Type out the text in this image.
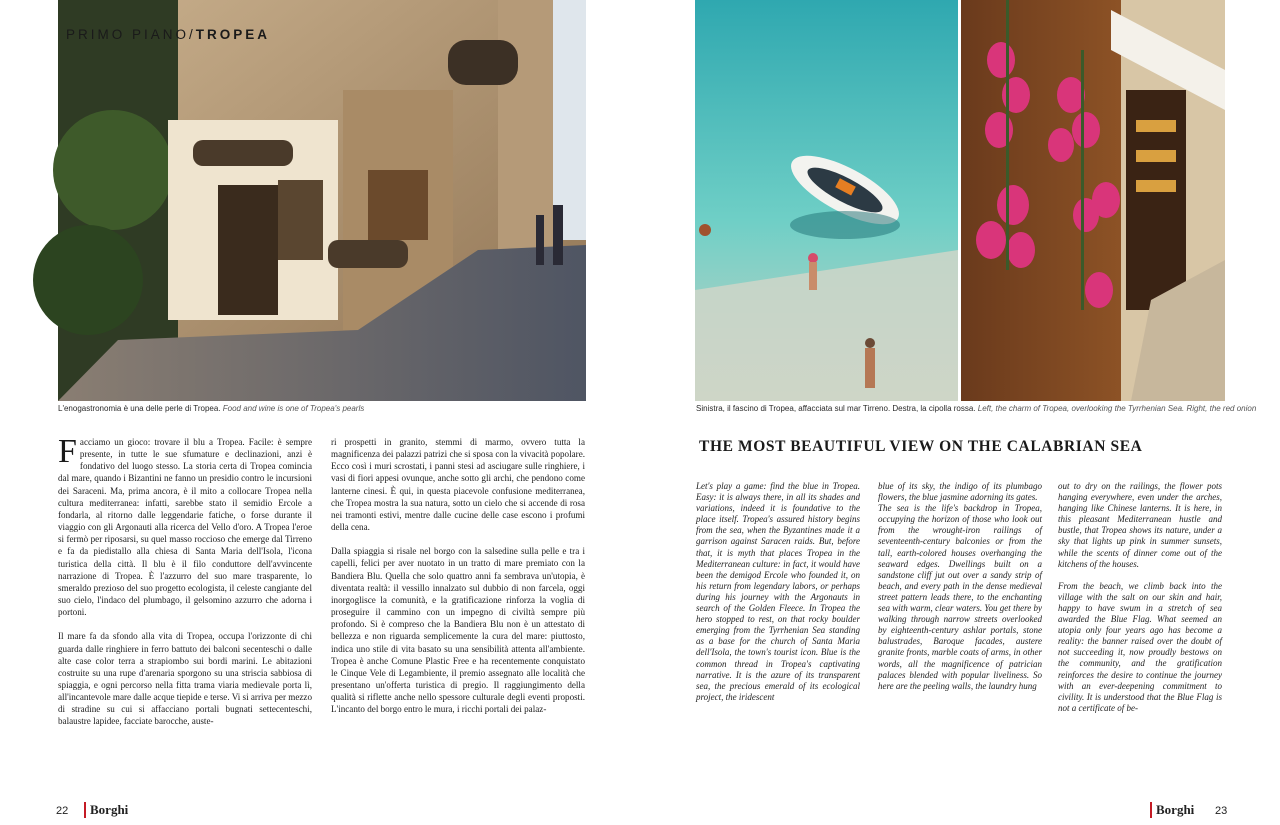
PRIMO PIANO/TROPEA
L'enogastronomia è una delle perle di Tropea. Food and wine is one of Tropea's pearls

Facciamo un gioco: trovare il blu a Tropea. Facile: è sempre presente, in tutte le sue sfumature e declinazioni, anzi è fondativo del luogo stesso. La storia certa di Tropea comincia dal mare, quando i Bizantini ne fanno un presidio contro le incursioni dei Saraceni. Ma, prima ancora, è il mito a collocare Tropea nella cultura mediterranea: infatti, sarebbe stato il semidio Ercole a fondarla, al ritorno dalle leggendarie fatiche, o forse durante il viaggio con gli Argonauti alla ricerca del Vello d'oro. A Tropea l'eroe si fermò per riposarsi, su quel masso roccioso che emerge dal Tirreno e fa da piedistallo alla chiesa di Santa Maria dell'Isola, l'icona turistica della città. Il blu è il filo conduttore dell'avvincente narrazione di Tropea. È l'azzurro del suo mare trasparente, lo smeraldo prezioso del suo progetto ecologista, il celeste cangiante del suo cielo, l'indaco del plumbago, il gelsomino azzurro che adorna i portoni.

Il mare fa da sfondo alla vita di Tropea, occupa l'orizzonte di chi guarda dalle ringhiere in ferro battuto dei balconi secenteschi o dalle alte case color terra a strapiombo sui bordi marini. Le abitazioni costruite su una rupe d'arenaria sporgono su una striscia sabbiosa di spiaggia, e ogni percorso nella fitta trama viaria medievale porta lì, all'incantevole mare dalle acque tiepide e terse. Vi si arriva per mezzo di stradine su cui si affacciano portali bugnati settecenteschi, balaustre lapidee, facciate barocche, auste-

ri prospetti in granito, stemmi di marmo, ovvero tutta la magnificenza dei palazzi patrizi che si sposa con la vivacità popolare. Ecco così i muri scrostati, i panni stesi ad asciugare sulle ringhiere, i vasi di fiori appesi ovunque, anche sotto gli archi, che pendono come lanterne cinesi. È qui, in questa piacevole confusione mediterranea, che Tropea mostra la sua natura, sotto un cielo che si accende di rosa nei tramonti estivi, mentre dalle cucine delle case escono i profumi della cena.

Dalla spiaggia si risale nel borgo con la salsedine sulla pelle e tra i capelli, felici per aver nuotato in un tratto di mare premiato con la Bandiera Blu. Quella che solo quattro anni fa sembrava un'utopia, è diventata realtà: il vessillo innalzato sul dubbio di non farcela, oggi inorgoglisce la comunità, e la gratificazione rinforza la voglia di proseguire il cammino con un impegno di civiltà sempre più profondo. Si è compreso che la Bandiera Blu non è un attestato di bellezza e non riguarda semplicemente la cura del mare: piuttosto, indica uno stile di vita basato su una sensibilità attenta all'ambiente. Tropea è anche Comune Plastic Free e ha recentemente conquistato le Cinque Vele di Legambiente, il premio assegnato alle località che presentano un'offerta turistica di pregio. Il raggiungimento della qualità si riflette anche nello spessore culturale degli eventi proposti. L'incanto del borgo entro le mura, i ricchi portali dei palaz-

22	Borghi
Sinistra, il fascino di Tropea, affacciata sul mar Tirreno. Destra, la cipolla rossa. Left, the charm of Tropea, overlooking the Tyrrhenian Sea. Right, the red onion
THE MOST BEAUTIFUL VIEW ON THE CALABRIAN SEA

Let's play a game: find the blue in Tropea. Easy: it is always there, in all its shades and variations, indeed it is foundative to the place itself. Tropea's assured history begins from the sea, when the Byzantines made it a garrison against Saracen raids. But, before that, it is myth that places Tropea in the Mediterranean culture: in fact, it would have been the demigod Ercole who founded it, on his return from legendary labors, or perhaps during his journey with the Argonauts in search of the Golden Fleece. In Tropea the hero stopped to rest, on that rocky boulder emerging from the Tyrrhenian Sea standing as a base for the church of Santa Maria dell'Isola, the town's tourist icon. Blue is the common thread in Tropea's captivating narrative. It is the azure of its transparent sea, the precious emerald of its ecological project, the iridescent

blue of its sky, the indigo of its plumbago flowers, the blue jasmine adorning its gates.

The sea is the life's backdrop in Tropea, occupying the horizon of those who look out from the wrought-iron railings of seventeenth-century balconies or from the tall, earth-colored houses overhanging the seaward edges. Dwellings built on a sandstone cliff jut out over a sandy strip of beach, and every path in the dense medieval street pattern leads there, to the enchanting sea with warm, clear waters. You get there by walking through narrow streets overlooked by eighteenth-century ashlar portals, stone balustrades, Baroque facades, austere granite fronts, marble coats of arms, in other words, all the magnificence of patrician palaces blended with popular liveliness. So here are the peeling walls, the laundry hung

out to dry on the railings, the flower pots hanging everywhere, even under the arches, hanging like Chinese lanterns. It is here, in this pleasant Mediterranean hustle and bustle, that Tropea shows its nature, under a sky that lights up pink in summer sunsets, while the scents of dinner come out of the kitchens of the houses.

From the beach, we climb back into the village with the salt on our skin and hair, happy to have swum in a stretch of sea awarded the Blue Flag. What seemed an utopia only four years ago has become a reality: the banner raised over the doubt of not succeeding it, now proudly bestows on the community, and the gratification reinforces the desire to continue the journey with an ever-deepening commitment to civility. It is understood that the Blue Flag is not a certificate of be-

Borghi 23
